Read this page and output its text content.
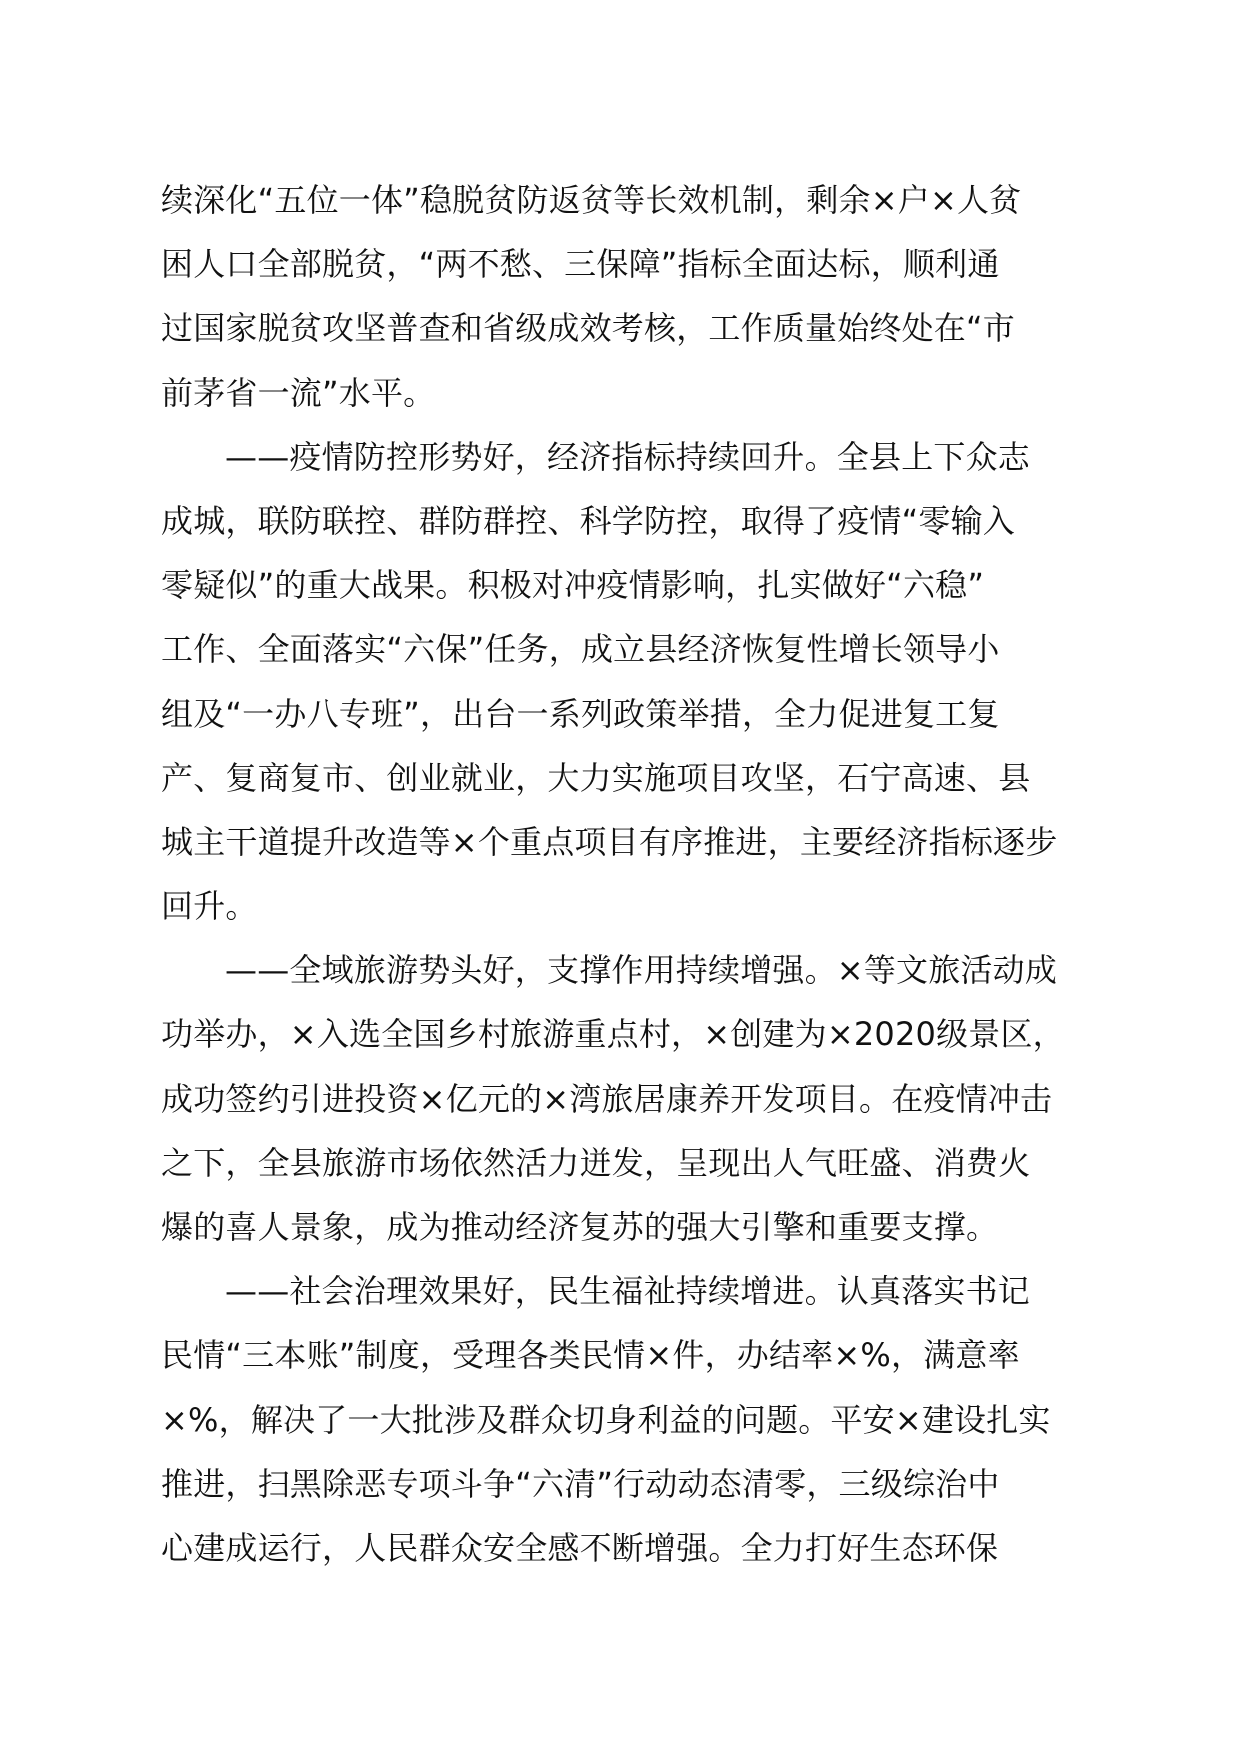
续深化“五位一体”稳脱贫防返贫等长效机制，剩余×户×人贫
困人口全部脱贫，“两不愁、三保障”指标全面达标，顺利通
过国家脱贫攻坚普查和省级成效考核，工作质量始终处在“市
前茅省一流”水平。
——疫情防控形势好，经济指标持续回升。全县上下众志
成城，联防联控、群防群控、科学防控，取得了疫情“零输入
零疑似”的重大战果。积极对冲疫情影响，扎实做好“六稳”
工作、全面落实“六保”任务，成立县经济恢复性增长领导小
组及“一办八专班”，出台一系列政策举措，全力促进复工复
产、复商复市、创业就业，大力实施项目攻坚，石宁高速、县
城主干道提升改造等×个重点项目有序推进，主要经济指标逐步
回升。
——全域旅游势头好，支撑作用持续增强。×等文旅活动成
功举办，×入选全国乡村旅游重点村，×创建为×2020级景区，
成功签约引进投资×亿元的×湾旅居康养开发项目。在疫情冲击
之下，全县旅游市场依然活力迸发，呈现出人气旺盛、消费火
爆的喜人景象，成为推动经济复苏的强大引擎和重要支撑。
——社会治理效果好，民生福祉持续增进。认真落实书记
民情“三本账”制度，受理各类民情×件，办结率×%，满意率
×%，解决了一大批涉及群众切身利益的问题。平安×建设扎实
推进，扫黑除恶专项斗争“六清”行动动态清零，三级综治中
心建成运行，人民群众安全感不断增强。全力打好生态环保
